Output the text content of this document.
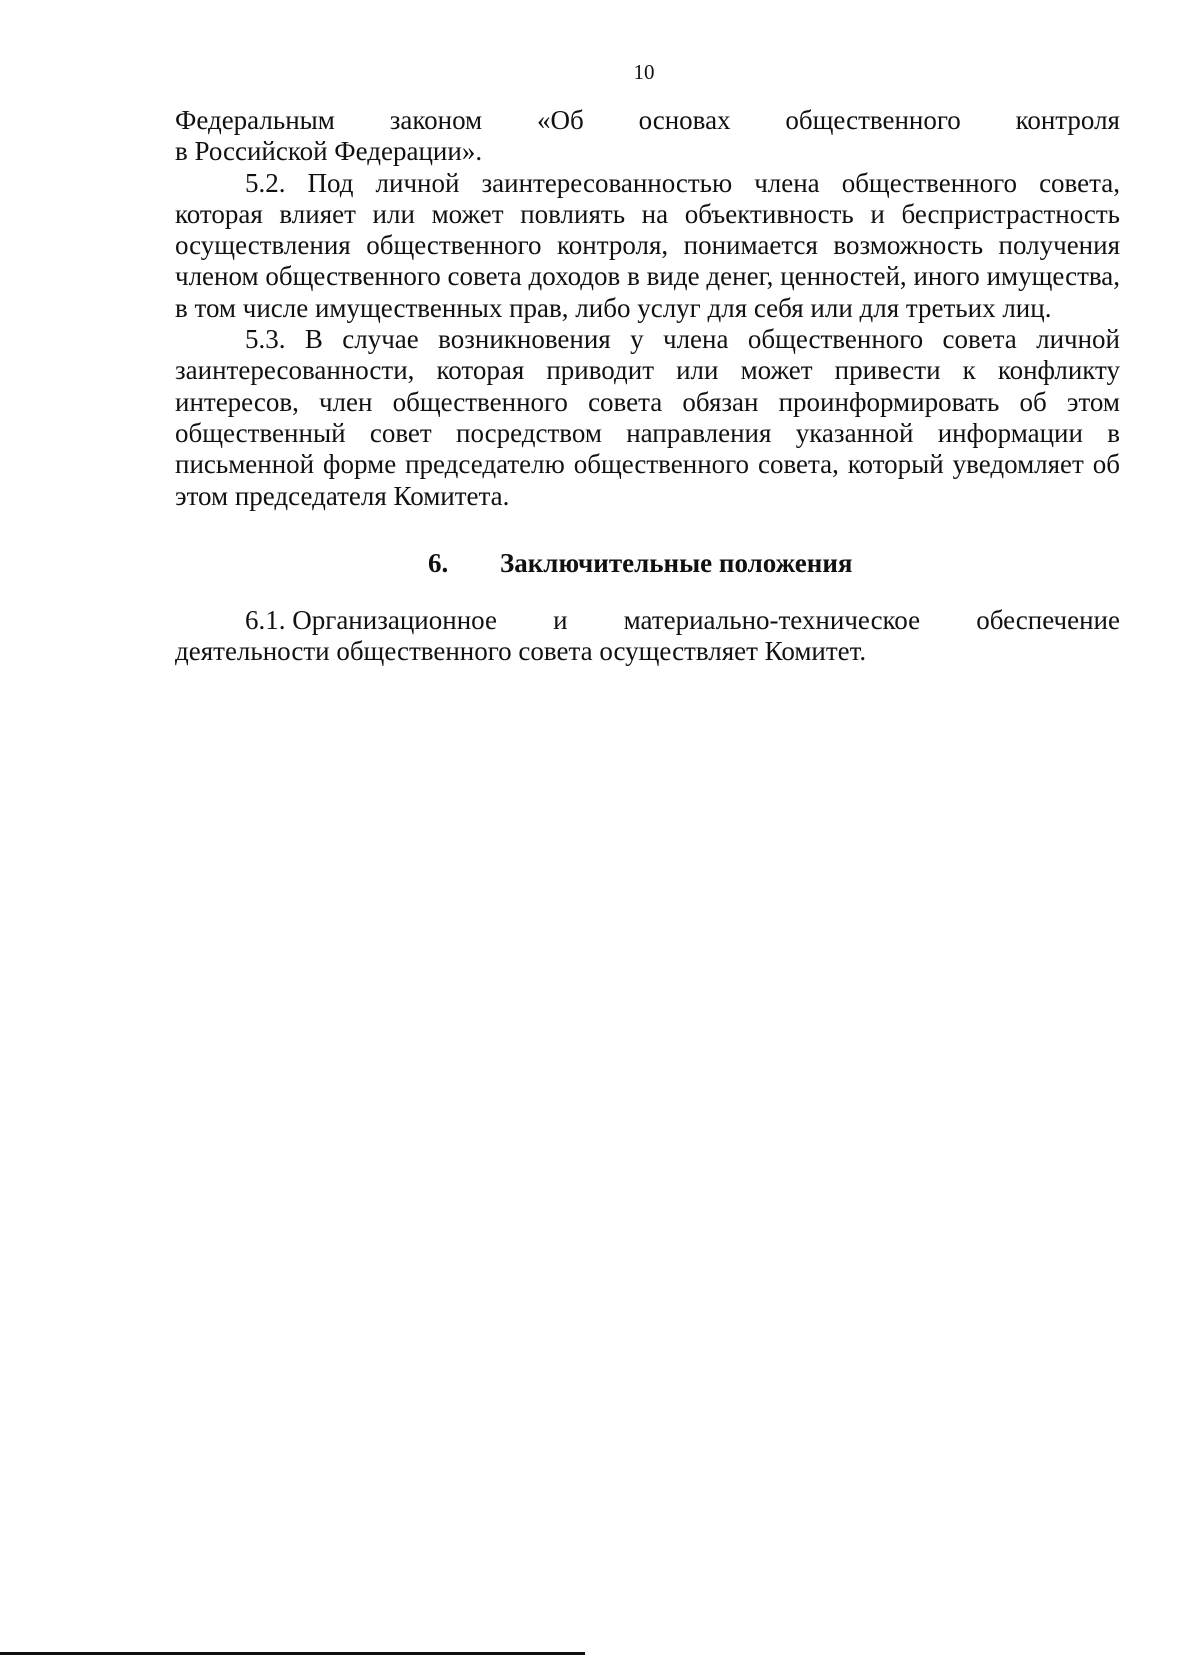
10
Федеральным законом «Об основах общественного контроля
в Российской Федерации».

5.2. Под личной заинтересованностью члена общественного совета, которая влияет или может повлиять на объективность и беспристрастность осуществления общественного контроля, понимается возможность получения членом общественного совета доходов в виде денег, ценностей, иного имущества, в том числе имущественных прав, либо услуг для себя или для третьих лиц.

5.3. В случае возникновения у члена общественного совета личной заинтересованности, которая приводит или может привести к конфликту интересов, член общественного совета обязан проинформировать об этом общественный совет посредством направления указанной информации в письменной форме председателю общественного совета, который уведомляет об этом председателя Комитета.

6. Заключительные положения
6.1. Организационное и материально-техническое обеспечение
деятельности общественного совета осуществляет Комитет.
